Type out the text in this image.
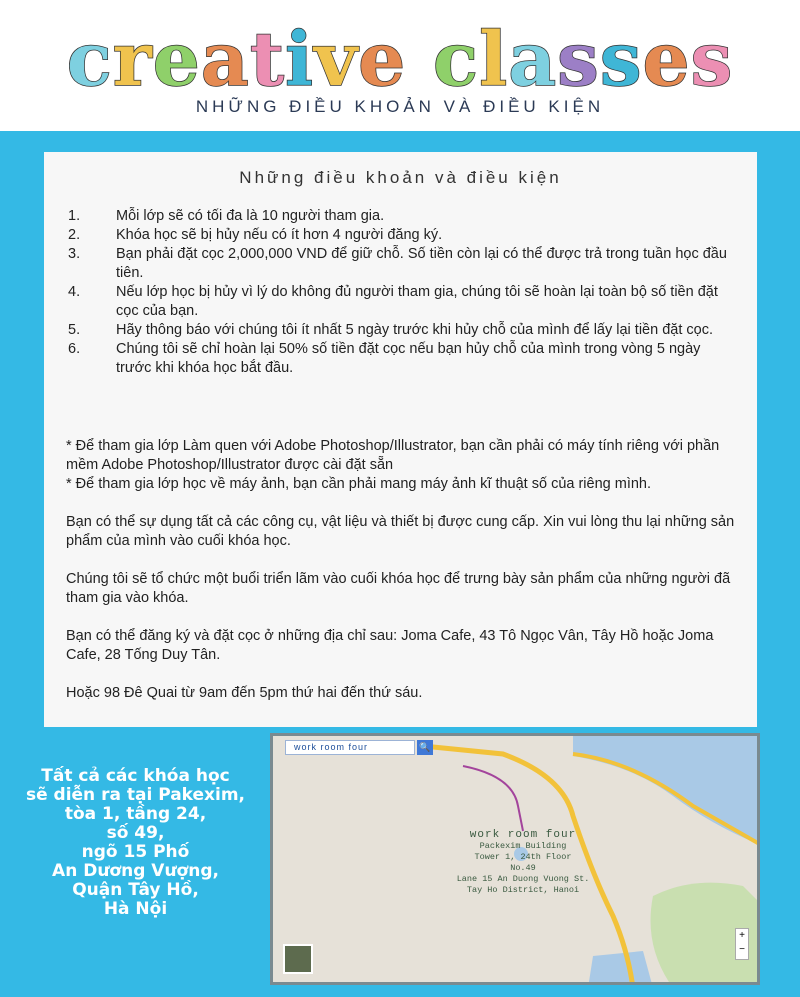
creative classes
NHỮNG ĐIỀU KHOẢN VÀ ĐIỀU KIỆN
Những điều khoản và điều kiện
1.	Mỗi lớp sẽ có tối đa là 10 người tham gia.
2.	Khóa học sẽ bị hủy nếu có ít hơn 4 người đăng ký.
3.	Bạn phải đặt cọc 2,000,000 VND để giữ chỗ. Số tiền còn lại có thể được trả trong tuần học đầu tiên.
4.	Nếu lớp học bị hủy vì lý do không đủ người tham gia, chúng tôi sẽ hoàn lại toàn bộ số tiền đặt cọc của bạn.
5.	Hãy thông báo với chúng tôi ít nhất 5 ngày trước khi hủy chỗ của mình để lấy lại tiền đặt cọc.
6.	Chúng tôi sẽ chỉ hoàn lại 50% số tiền đặt cọc nếu bạn hủy chỗ của mình trong vòng 5 ngày trước khi khóa học bắt đầu.

* Để tham gia lớp Làm quen với Adobe Photoshop/Illustrator, bạn cần phải có máy tính riêng với phần mềm Adobe Photoshop/Illustrator được cài đặt sẵn
* Để tham gia lớp học về máy ảnh, bạn cần phải mang máy ảnh kĩ thuật số của riêng mình.

Bạn có thể sự dụng tất cả các công cụ, vật liệu và thiết bị được cung cấp. Xin vui lòng thu lại những sản phẩm của mình vào cuối khóa học.

Chúng tôi sẽ tổ chức một buổi triển lãm vào cuối khóa học để trưng bày sản phẩm của những người đã tham gia vào khóa.

Bạn có thể đăng ký và đặt cọc ở những địa chỉ sau: Joma Cafe, 43 Tô Ngọc Vân, Tây Hồ hoặc Joma Cafe, 28 Tống Duy Tân.

Hoặc 98 Đê Quai từ 9am đến 5pm thứ hai đến thứ sáu.

Tất cả các khóa học
sẽ diễn ra tại Pakexim,
tòa 1, tầng 24,
số 49,
ngõ 15 Phố
An Dương Vượng,
Quận Tây Hồ,
Hà Nội
work room four	🔍
work room four
Packexim Building
Tower 1, 24th Floor
No.49
Lane 15 An Duong Vuong St.
Tay Ho District, Hanoi
+
−
